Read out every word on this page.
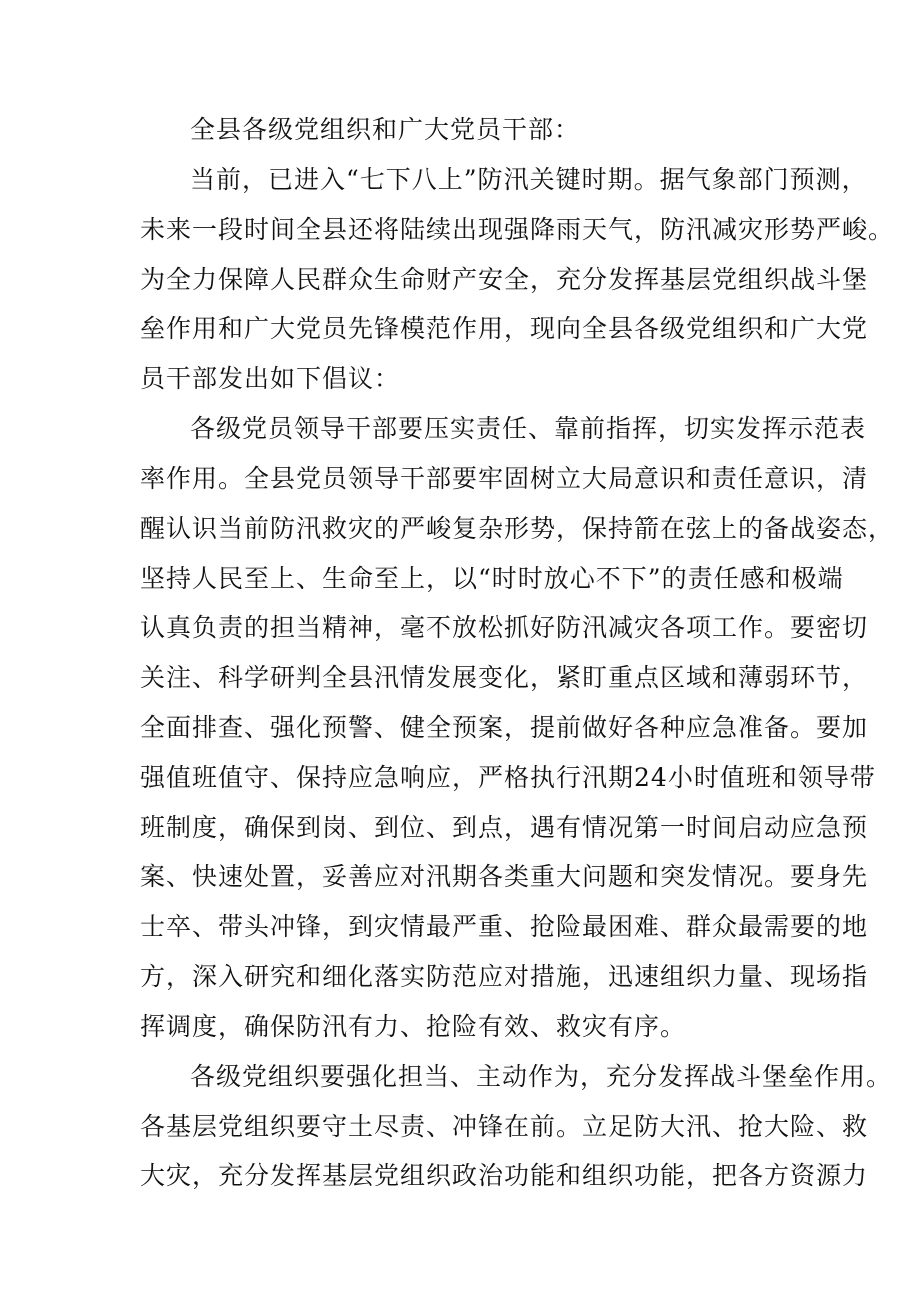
全县各级党组织和广大党员干部：
当前，已进入“七下八上”防汛关键时期。据气象部门预测，
未来一段时间全县还将陆续出现强降雨天气，防汛减灾形势严峻。
为全力保障人民群众生命财产安全，充分发挥基层党组织战斗堡
垒作用和广大党员先锋模范作用，现向全县各级党组织和广大党
员干部发出如下倡议：
各级党员领导干部要压实责任、靠前指挥，切实发挥示范表
率作用。全县党员领导干部要牢固树立大局意识和责任意识，清
醒认识当前防汛救灾的严峻复杂形势，保持箭在弦上的备战姿态，
坚持人民至上、生命至上，以“时时放心不下”的责任感和极端
认真负责的担当精神，毫不放松抓好防汛减灾各项工作。要密切
关注、科学研判全县汛情发展变化，紧盯重点区域和薄弱环节，
全面排查、强化预警、健全预案，提前做好各种应急准备。要加
强值班值守、保持应急响应，严格执行汛期24小时值班和领导带
班制度，确保到岗、到位、到点，遇有情况第一时间启动应急预
案、快速处置，妥善应对汛期各类重大问题和突发情况。要身先
士卒、带头冲锋，到灾情最严重、抢险最困难、群众最需要的地
方，深入研究和细化落实防范应对措施，迅速组织力量、现场指
挥调度，确保防汛有力、抢险有效、救灾有序。
各级党组织要强化担当、主动作为，充分发挥战斗堡垒作用。
各基层党组织要守土尽责、冲锋在前。立足防大汛、抢大险、救
大灾，充分发挥基层党组织政治功能和组织功能，把各方资源力
